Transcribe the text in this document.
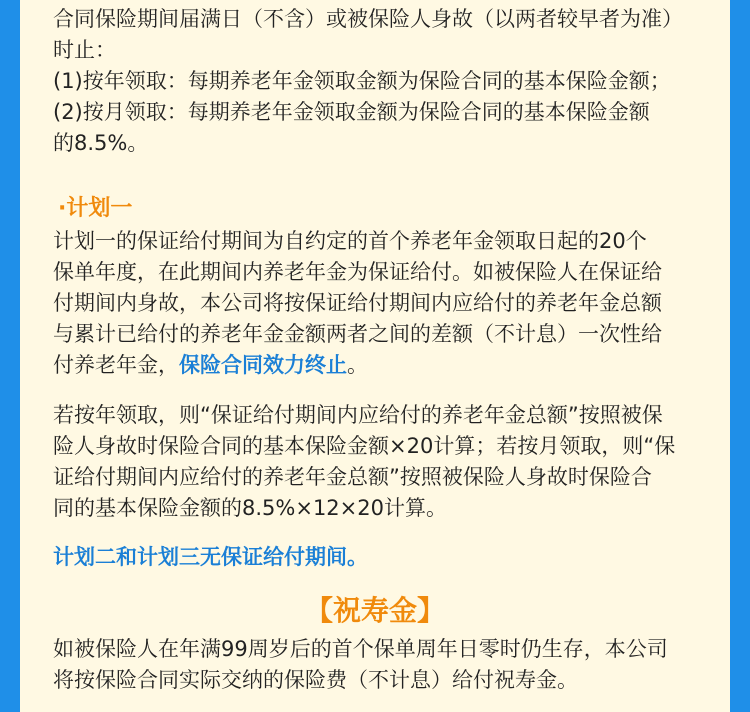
合同保险期间届满日（不含）或被保险人身故（以两者较早者为准）
时止：
(1)按年领取：每期养老年金领取金额为保险合同的基本保险金额；
(2)按月领取：每期养老年金领取金额为保险合同的基本保险金额
的8.5%。
·计划一
计划一的保证给付期间为自约定的首个养老年金领取日起的20个
保单年度，在此期间内养老年金为保证给付。如被保险人在保证给
付期间内身故，本公司将按保证给付期间内应给付的养老年金总额
与累计已给付的养老年金金额两者之间的差额（不计息）一次性给
付养老年金，保险合同效力终止。
若按年领取，则“保证给付期间内应给付的养老年金总额”按照被保
险人身故时保险合同的基本保险金额×20计算；若按月领取，则“保
证给付期间内应给付的养老年金总额”按照被保险人身故时保险合
同的基本保险金额的8.5%×12×20计算。
计划二和计划三无保证给付期间。
【祝寿金】
如被保险人在年满99周岁后的首个保单周年日零时仍生存，本公司
将按保险合同实际交纳的保险费（不计息）给付祝寿金。
